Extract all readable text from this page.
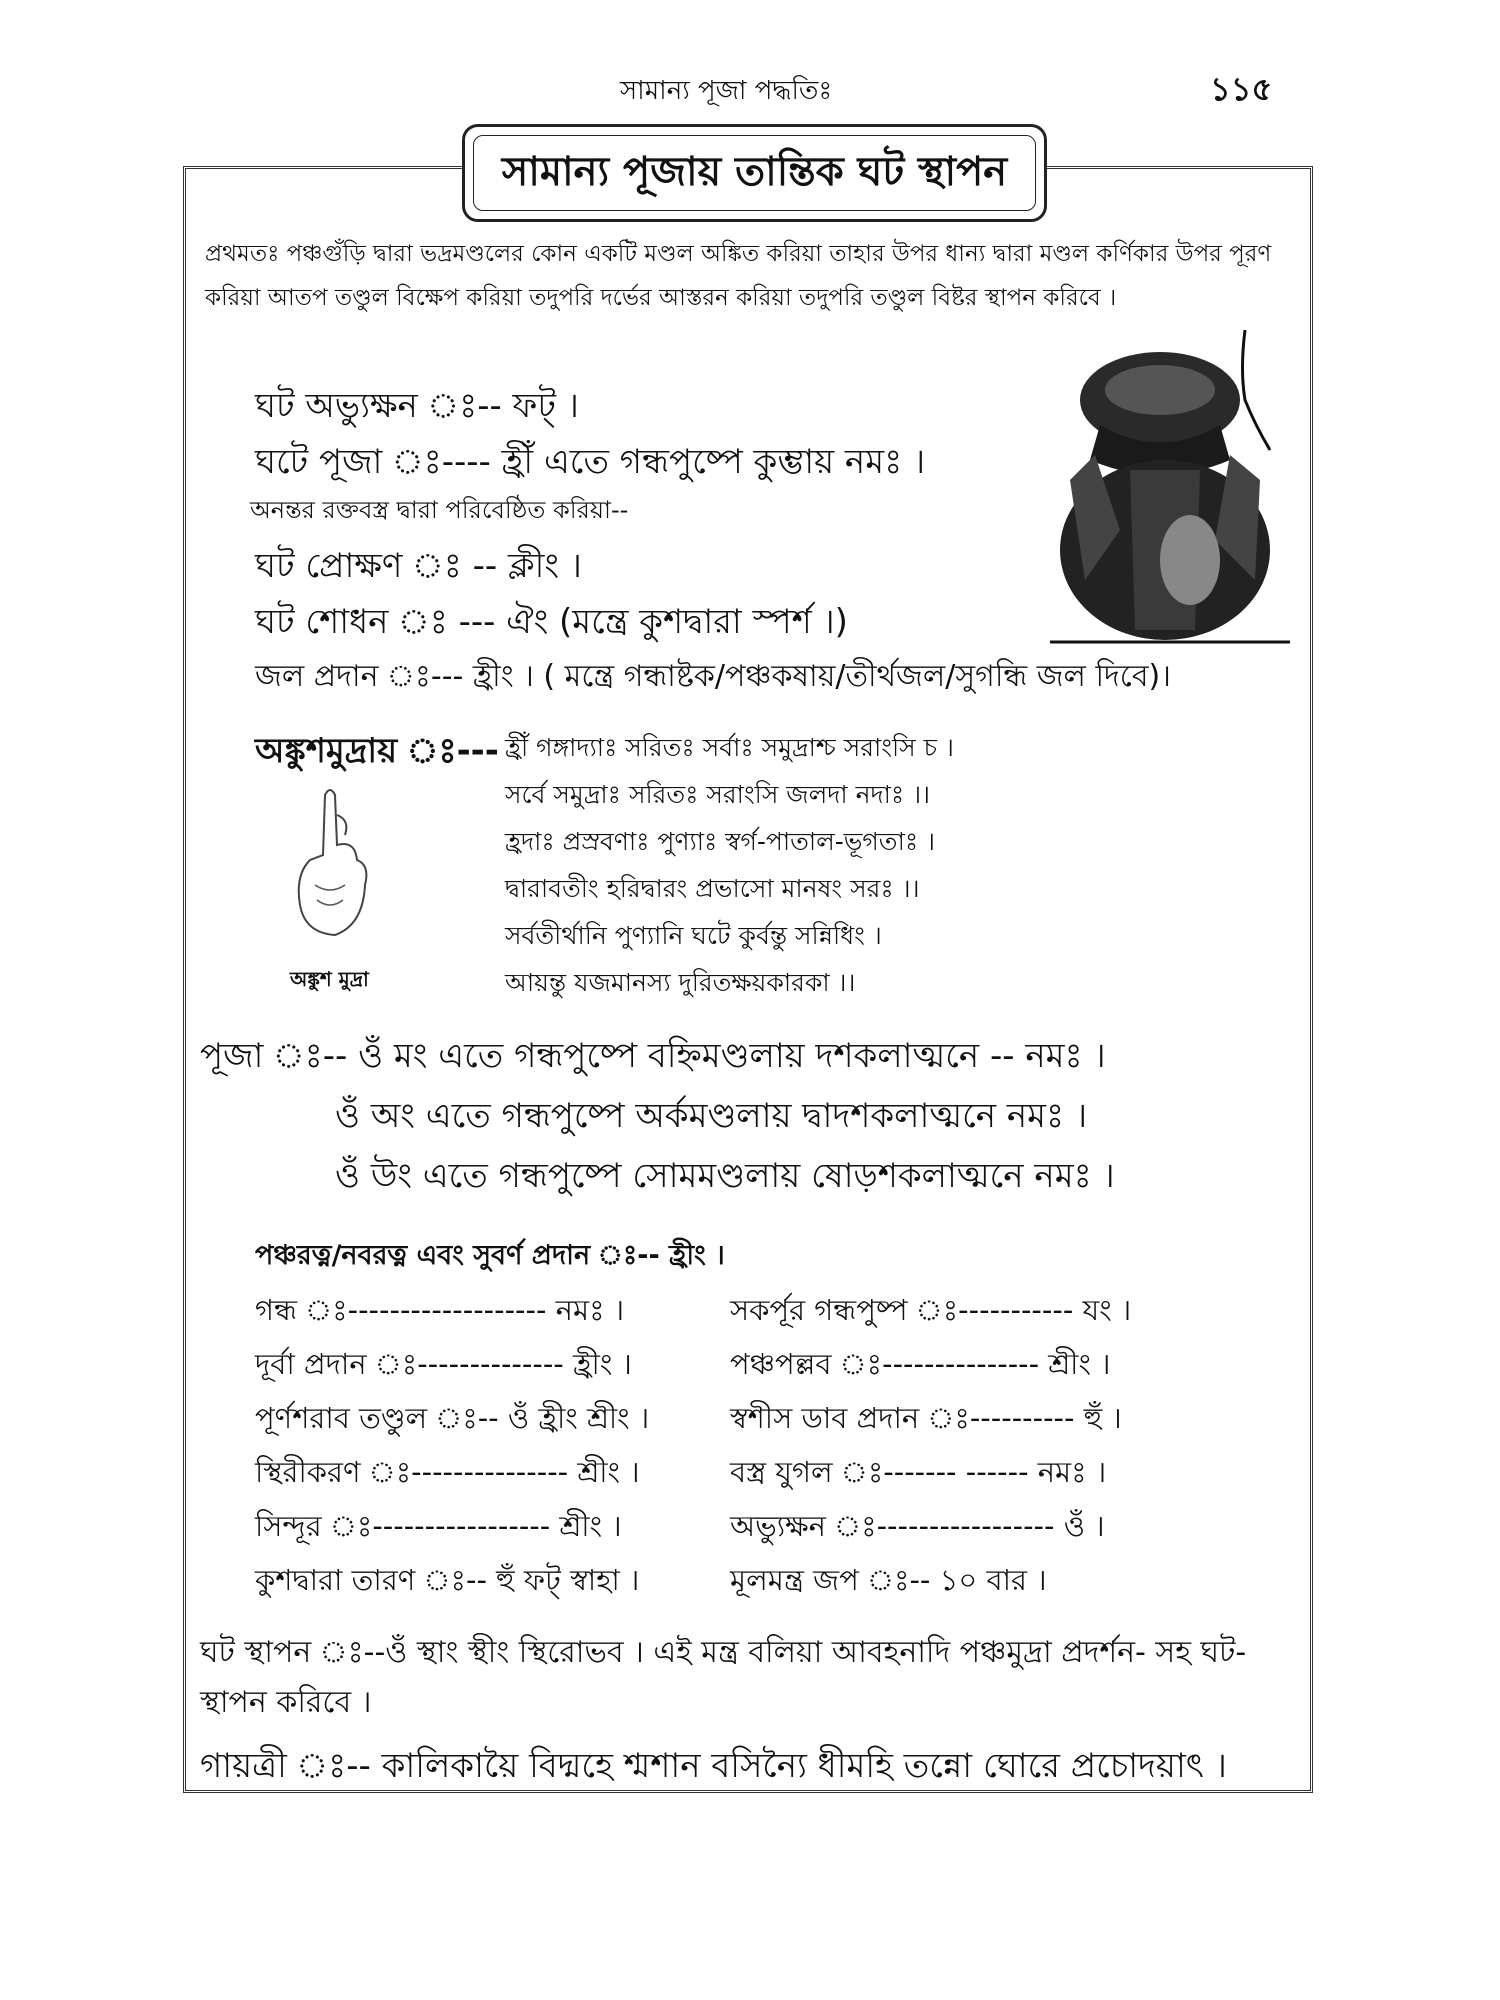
সামান্য পূজা পদ্ধতিঃ	১১৫
সামান্য পূজায় তান্তিক ঘট স্থাপন
প্রথমতঃ পঞ্চগুঁড়ি দ্বারা ভদ্রমণ্ডলের কোন একটি মণ্ডল অঙ্কিত করিয়া তাহার উপর ধান্য দ্বারা মণ্ডল কর্ণিকার উপর পূরণ করিয়া আতপ তণ্ডুল বিক্ষেপ করিয়া তদুপরি দর্ভের আস্তরন করিয়া তদুপরি তণ্ডুল বিষ্টর স্থাপন করিবে ।
ঘট অভ্যুক্ষন ঃ-- ফট্ ।
ঘটে পূজা ঃ---- হ্রীঁ এতে গন্ধপুষ্পে কুম্ভায় নমঃ ।
অনন্তর রক্তবস্ত্র দ্বারা পরিবেষ্ঠিত করিয়া--
ঘট প্রোক্ষণ ঃ -- ক্লীং ।
ঘট শোধন ঃ --- ঐং (মন্ত্রে কুশদ্বারা স্পর্শ ।)
জল প্রদান ঃ--- হ্রীং । ( মন্ত্রে গন্ধাষ্টক/পঞ্চকষায়/তীর্থজল/সুগন্ধি জল দিবে)।
অঙ্কুশমুদ্রায় ঃ--- হ্রীঁ গঙ্গাদ্যাঃ সরিতঃ সর্বাঃ সমুদ্রাশ্চ সরাংসি চ ।
সর্বে সমুদ্রাঃ সরিতঃ সরাংসি জলদা নদাঃ ।।
হ্রদাঃ প্রস্রবণাঃ পুণ্যাঃ স্বর্গ-পাতাল-ভূগতাঃ ।
দ্বারাবতীং হরিদ্বারং প্রভাসো মানষং সরঃ ।।
সর্বতীর্থানি পুণ্যানি ঘটে কুর্বন্তু সন্নিধিং ।
আয়ন্তু যজমানস্য দুরিতক্ষয়কারকা ।।
অঙ্কুশ মুদ্রা
পূজা ঃ-- ওঁ মং এতে গন্ধপুষ্পে বহ্নিমণ্ডলায় দশকলাত্মনে -- নমঃ ।
ওঁ অং এতে গন্ধপুষ্পে অর্কমণ্ডলায় দ্বাদশকলাত্মনে নমঃ ।
ওঁ উং এতে গন্ধপুষ্পে সোমমণ্ডলায় ষোড়শকলাত্মনে নমঃ ।
পঞ্চরত্ন/নবরত্ন এবং সুবর্ণ প্রদান ঃ-- হ্রীং ।
গন্ধ ঃ------------------- নমঃ ।	সকর্পূর গন্ধপুষ্প ঃ----------- যং ।
দূর্বা প্রদান ঃ-------------- হ্রীং ।	পঞ্চপল্লব ঃ--------------- শ্রীং ।
পূর্ণশরাব তণ্ডুল ঃ-- ওঁ হ্রীং শ্রীং ।	স্বশীস ডাব প্রদান ঃ---------- হুঁ ।
স্থিরীকরণ ঃ--------------- শ্রীং ।	বস্ত্র যুগল ঃ------- ------ নমঃ ।
সিন্দূর ঃ----------------- শ্রীং ।	অভ্যুক্ষন ঃ----------------- ওঁ ।
কুশদ্বারা তারণ ঃ-- হুঁ ফট্ স্বাহা ।	মূলমন্ত্র জপ ঃ-- ১০ বার ।
ঘট স্থাপন ঃ--ওঁ স্থাং স্থীং স্থিরোভব । এই মন্ত্র বলিয়া আবহনাদি পঞ্চমুদ্রা প্রদর্শন- সহ ঘট-স্থাপন করিবে ।
গায়ত্রী ঃ-- কালিকায়ৈ বিদ্মহে শ্মশান বসিন্যৈ ধীমহি তন্নো ঘোরে প্রচোদয়াৎ ।
